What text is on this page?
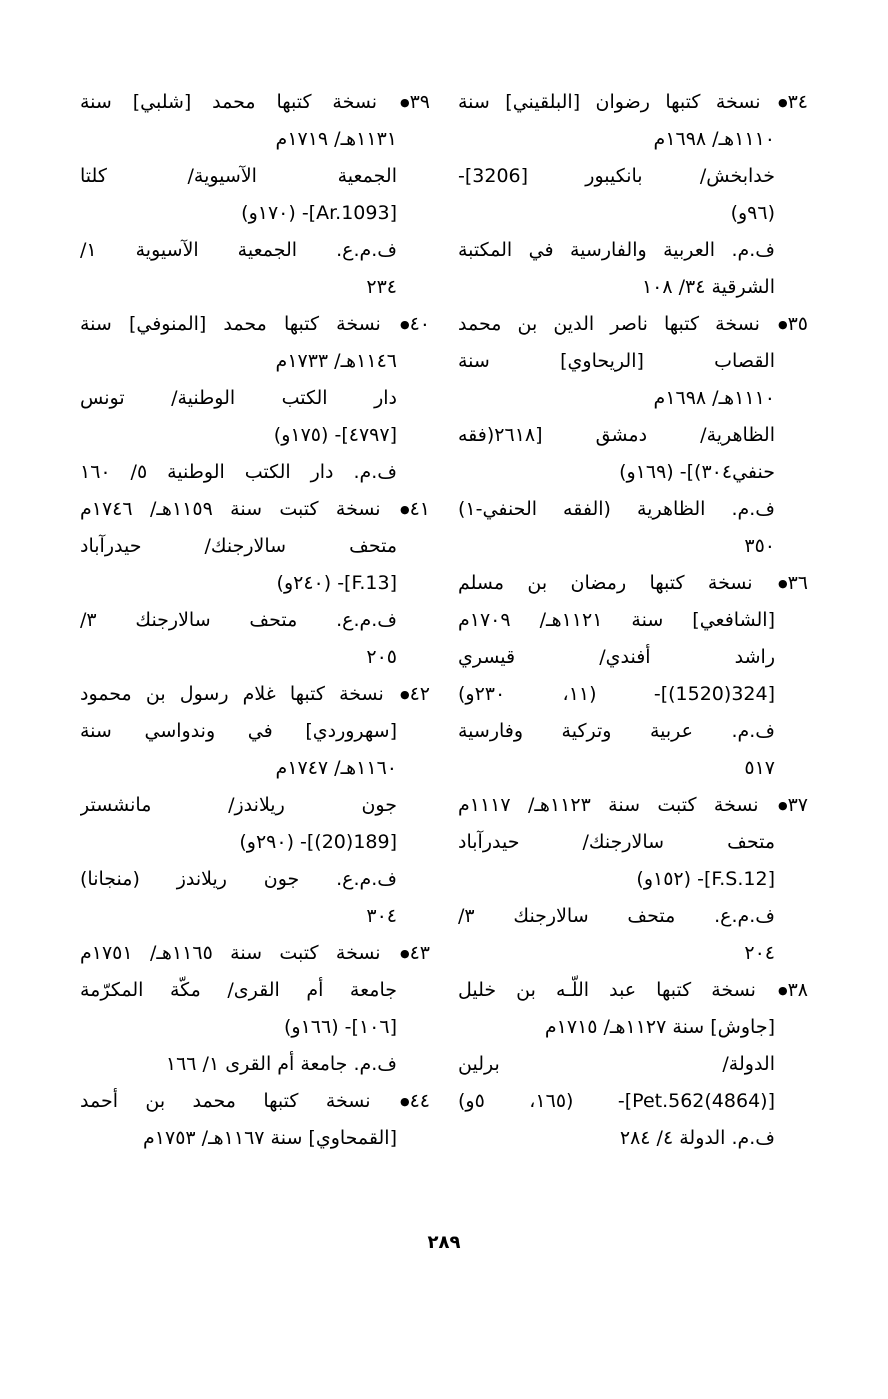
٣٤● نسخة كتبها رضوان [البلقيني] سنة
١١١٠هـ/ ١٦٩٨م
خدابخش/ بانكيبور [3206]-
(٩٦و)
ف.م. العربية والفارسية في المكتبة
الشرقية ٣٤/ ١٠٨
٣٥● نسخة كتبها ناصر الدين بن محمد
القصاب [الريحاوي] سنة
١١١٠هـ/ ١٦٩٨م
الظاهرية/ دمشق [٢٦١٨(فقه
حنفي٣٠٤)]- (١٦٩و)
ف.م. الظاهرية (الفقه الحنفي-١)
٣٥٠
٣٦● نسخة كتبها رمضان بن مسلم
[الشافعي] سنة ١١٢١هـ/ ١٧٠٩م
راشد أفندي/ قيسري
[324(1520)]- (١١، ٢٣٠و)
ف.م. عربية وتركية وفارسية
٥١٧
٣٧● نسخة كتبت سنة ١١٢٣هـ/ ١١١٧م
متحف سالارجنك/ حيدرآباد
[F.S.12]- (١٥٢و)
ف.م.ع. متحف سالارجنك ٣/
٢٠٤
٣٨● نسخة كتبها عبد اللّـه بن خليل
[جاوش] سنة ١١٢٧هـ/ ١٧١٥م
الدولة/ برلين
[Pet.562(4864)]- (١٦٥، ٥و)
ف.م. الدولة ٤/ ٢٨٤
٣٩● نسخة كتبها محمد [شلبي] سنة
١١٣١هـ/ ١٧١٩م
الجمعية الآسيوية/ كلتا
[Ar.1093]- (١٧٠و)
ف.م.ع. الجمعية الآسيوية ١/
٢٣٤
٤٠● نسخة كتبها محمد [المنوفي] سنة
١١٤٦هـ/ ١٧٣٣م
دار الكتب الوطنية/ تونس
[٤٧٩٧]- (١٧٥و)
ف.م. دار الكتب الوطنية ٥/ ١٦٠
٤١● نسخة كتبت سنة ١١٥٩هـ/ ١٧٤٦م
متحف سالارجنك/ حيدرآباد
[F.13]- (٢٤٠و)
ف.م.ع. متحف سالارجنك ٣/
٢٠٥
٤٢● نسخة كتبها غلام رسول بن محمود
[سهروردي] في وندواسي سنة
١١٦٠هـ/ ١٧٤٧م
جون ريلاندز/ مانشستر
[189(20)]- (٢٩٠و)
ف.م.ع. جون ريلاندز (منجانا)
٣٠٤
٤٣● نسخة كتبت سنة ١١٦٥هـ/ ١٧٥١م
جامعة أم القرى/ مكّة المكرّمة
[١٠٦]- (١٦٦و)
ف.م. جامعة أم القرى ١/ ١٦٦
٤٤● نسخة كتبها محمد بن أحمد
[القمحاوي] سنة ١١٦٧هـ/ ١٧٥٣م
٢٨٩
